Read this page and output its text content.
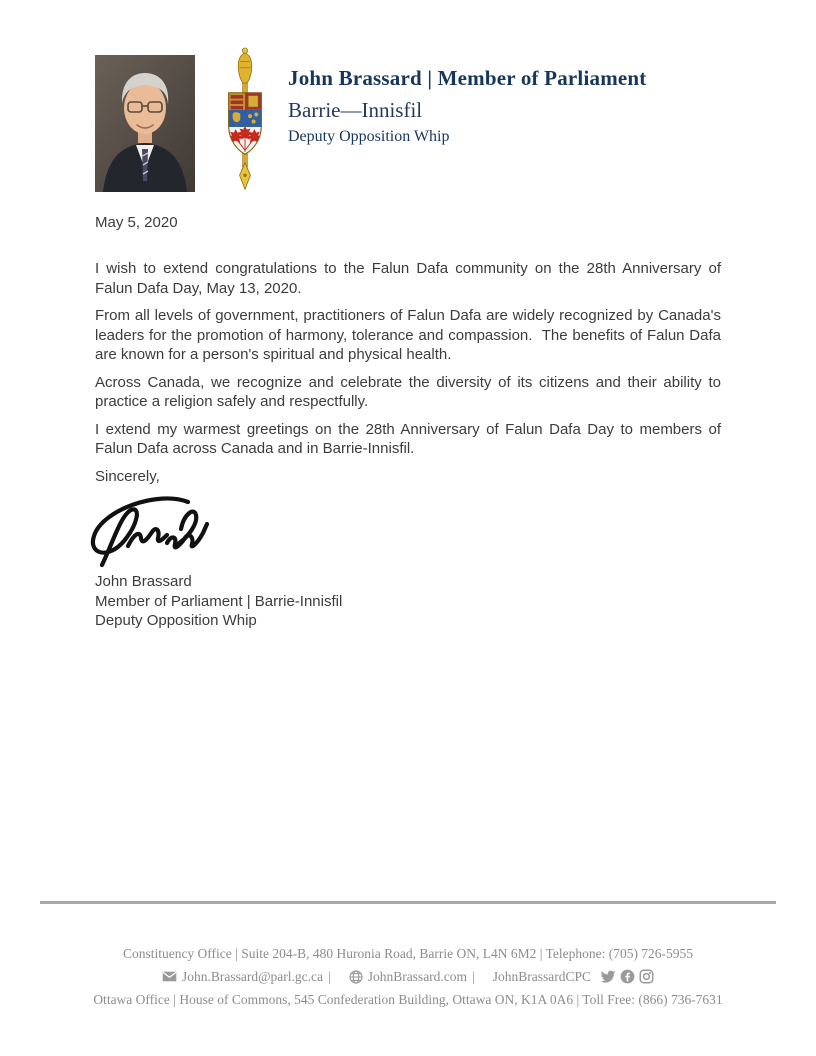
John Brassard | Member of Parliament
Barrie—Innisfil
Deputy Opposition Whip
May 5, 2020

I wish to extend congratulations to the Falun Dafa community on the 28th Anniversary of Falun Dafa Day, May 13, 2020.

From all levels of government, practitioners of Falun Dafa are widely recognized by Canada's leaders for the promotion of harmony, tolerance and compassion.  The benefits of Falun Dafa are known for a person's spiritual and physical health.

Across Canada, we recognize and celebrate the diversity of its citizens and their ability to practice a religion safely and respectfully.

I extend my warmest greetings on the 28th Anniversary of Falun Dafa Day to members of Falun Dafa across Canada and in Barrie-Innisfil.

Sincerely,

John Brassard
Member of Parliament | Barrie-Innisfil
Deputy Opposition Whip
Constituency Office | Suite 204-B, 480 Huronia Road, Barrie ON, L4N 6M2 | Telephone: (705) 726-5955
John.Brassard@parl.gc.ca |	JohnBrassard.com | JohnBrassardCPC
Ottawa Office | House of Commons, 545 Confederation Building, Ottawa ON, K1A 0A6 | Toll Free: (866) 736-7631
